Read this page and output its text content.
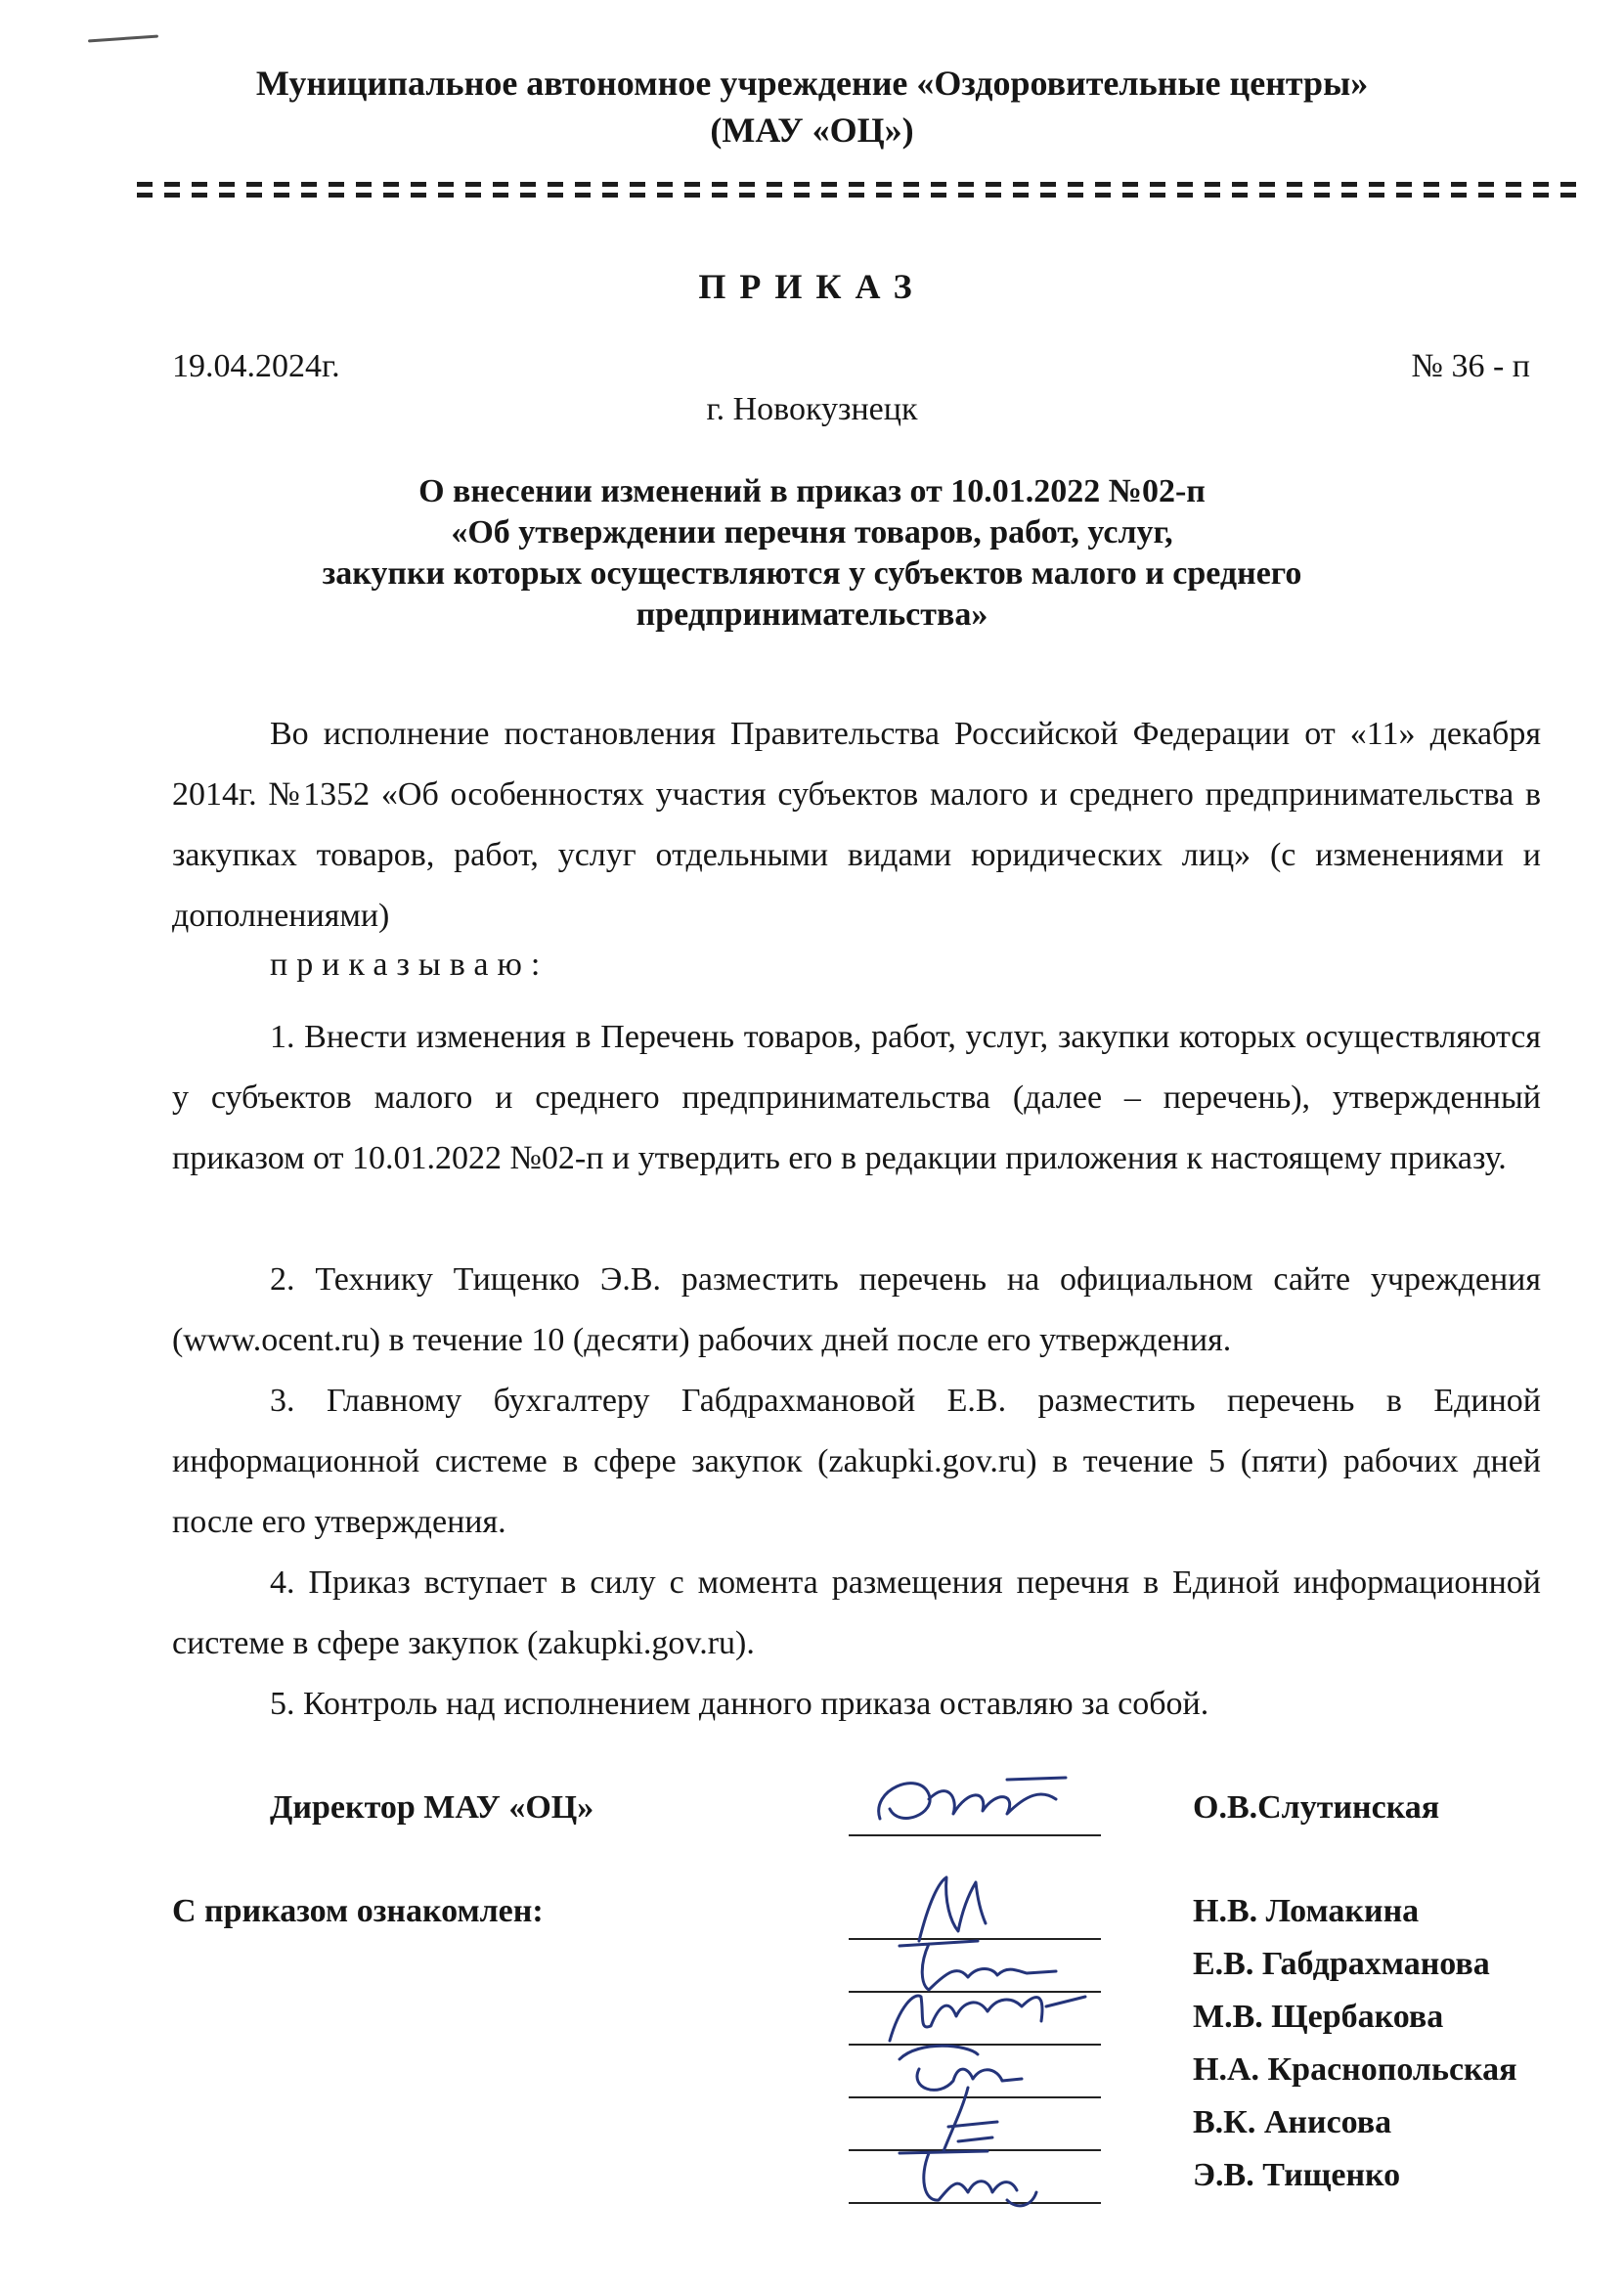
Муниципальное автономное учреждение «Оздоровительные центры»
(МАУ «ОЦ»)
ПРИКАЗ
19.04.2024г.	№ 36 - п
г. Новокузнецк
О внесении изменений в приказ от 10.01.2022 №02-п
«Об утверждении перечня товаров, работ, услуг,
закупки которых осуществляются у субъектов малого и среднего
предпринимательства»
Во исполнение постановления Правительства Российской Федерации от «11» декабря 2014г. №1352 «Об особенностях участия субъектов малого и среднего предпринимательства в закупках товаров, работ, услуг отдельными видами юридических лиц» (с изменениями и дополнениями)
приказываю:
1. Внести изменения в Перечень товаров, работ, услуг, закупки которых осуществляются у субъектов малого и среднего предпринимательства (далее – перечень), утвержденный приказом от 10.01.2022 №02-п и утвердить его в редакции приложения к настоящему приказу.
2. Технику Тищенко Э.В. разместить перечень на официальном сайте учреждения (www.ocent.ru) в течение 10 (десяти) рабочих дней после его утверждения.
3. Главному бухгалтеру Габдрахмановой Е.В. разместить перечень в Единой информационной системе в сфере закупок (zakupki.gov.ru) в течение 5 (пяти) рабочих дней после его утверждения.
4. Приказ вступает в силу с момента размещения перечня в Единой информационной системе в сфере закупок (zakupki.gov.ru).
5. Контроль над исполнением данного приказа оставляю за собой.
Директор МАУ «ОЦ»	О.В.Слутинская
С приказом ознакомлен:	Н.В. Ломакина
Е.В. Габдрахманова
М.В. Щербакова
Н.А. Краснопольская
В.К. Анисова
Э.В. Тищенко
